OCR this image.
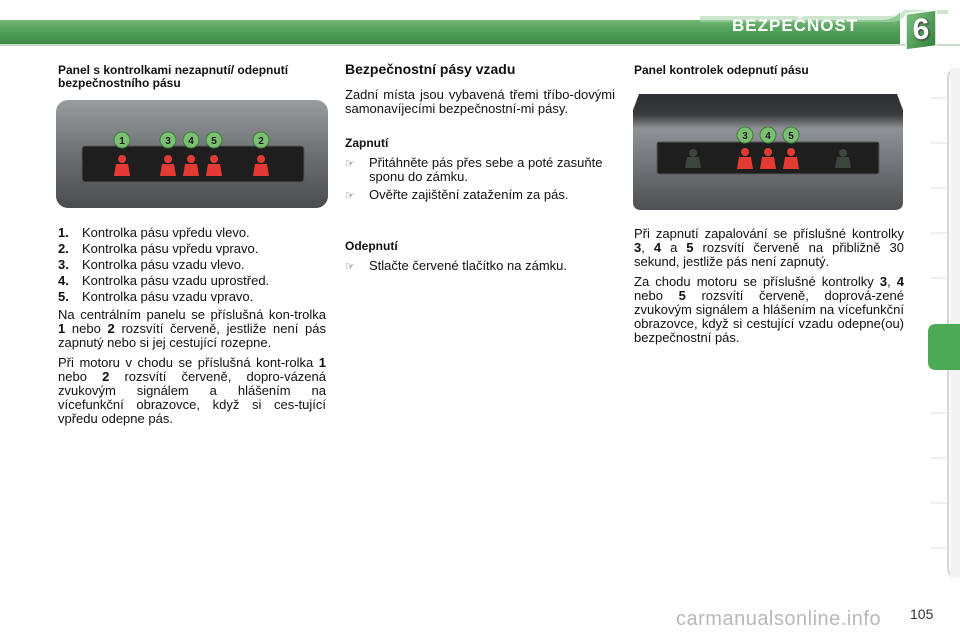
BEZPEČNOST 6
Panel s kontrolkami nezapnutí/ odepnutí bezpečnostního pásu
1	3 4 5	2
1.	Kontrolka pásu vpředu vlevo.
2.	Kontrolka pásu vpředu vpravo.
3.	Kontrolka pásu vzadu vlevo.
4.	Kontrolka pásu vzadu uprostřed.
5.	Kontrolka pásu vzadu vpravo.

Na centrálním panelu se příslušná kon-trolka 1 nebo 2 rozsvítí červeně, jestliže není pás zapnutý nebo si jej cestující rozepne.

Při motoru v chodu se příslušná kont-rolka 1 nebo 2 rozsvítí červeně, dopro-vázená zvukovým signálem a hlášením na vícefunkční obrazovce, když si ces-tující vpředu odepne pás.

Bezpečnostní pásy vzadu

Zadní místa jsou vybavená třemi tříbo-dovými samonavíjecími bezpečnostní-mi pásy.

Zapnutí
☞	Přitáhněte pás přes sebe a poté zasuňte sponu do zámku.
☞	Ověřte zajištění zatažením za pás.
Odepnutí
☞	Stlačte červené tlačítko na zámku.
Panel kontrolek odepnutí pásu
3 4 5

Při zapnutí zapalování se příslušné kontrolky 3, 4 a 5 rozsvítí červeně na přibližně 30 sekund, jestliže pás není zapnutý.

Za chodu motoru se příslušné kontrolky 3, 4 nebo 5 rozsvítí červeně, doprová-zené zvukovým signálem a hlášením na vícefunkční obrazovce, když si cestující vzadu odepne(ou) bezpečnostní pás.

carmanualsonline.info 105
